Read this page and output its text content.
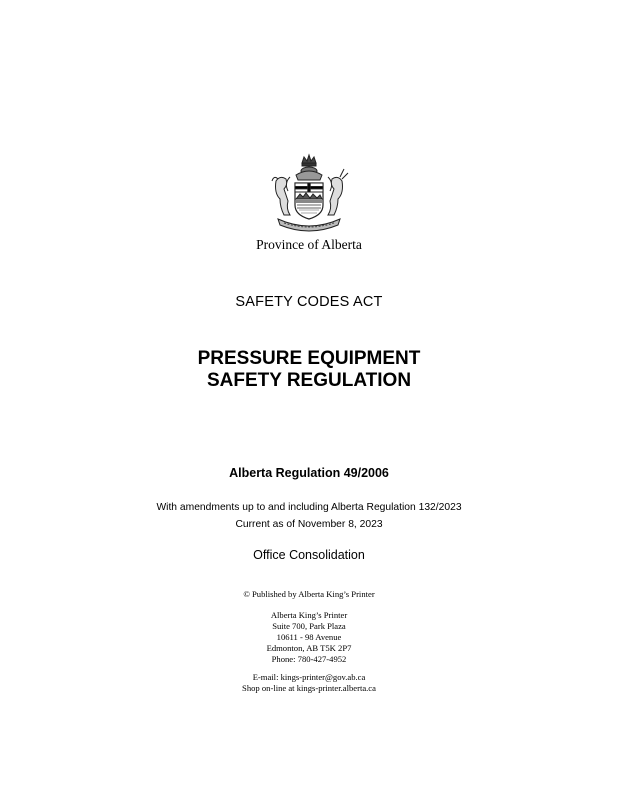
Province of Alberta
SAFETY CODES ACT
PRESSURE EQUIPMENT
SAFETY REGULATION
Alberta Regulation 49/2006
With amendments up to and including Alberta Regulation 132/2023
Current as of November 8, 2023
Office Consolidation
© Published by Alberta King’s Printer
Alberta King’s Printer
Suite 700, Park Plaza
10611 - 98 Avenue
Edmonton, AB T5K 2P7
Phone: 780-427-4952
E-mail: kings-printer@gov.ab.ca
Shop on-line at kings-printer.alberta.ca
